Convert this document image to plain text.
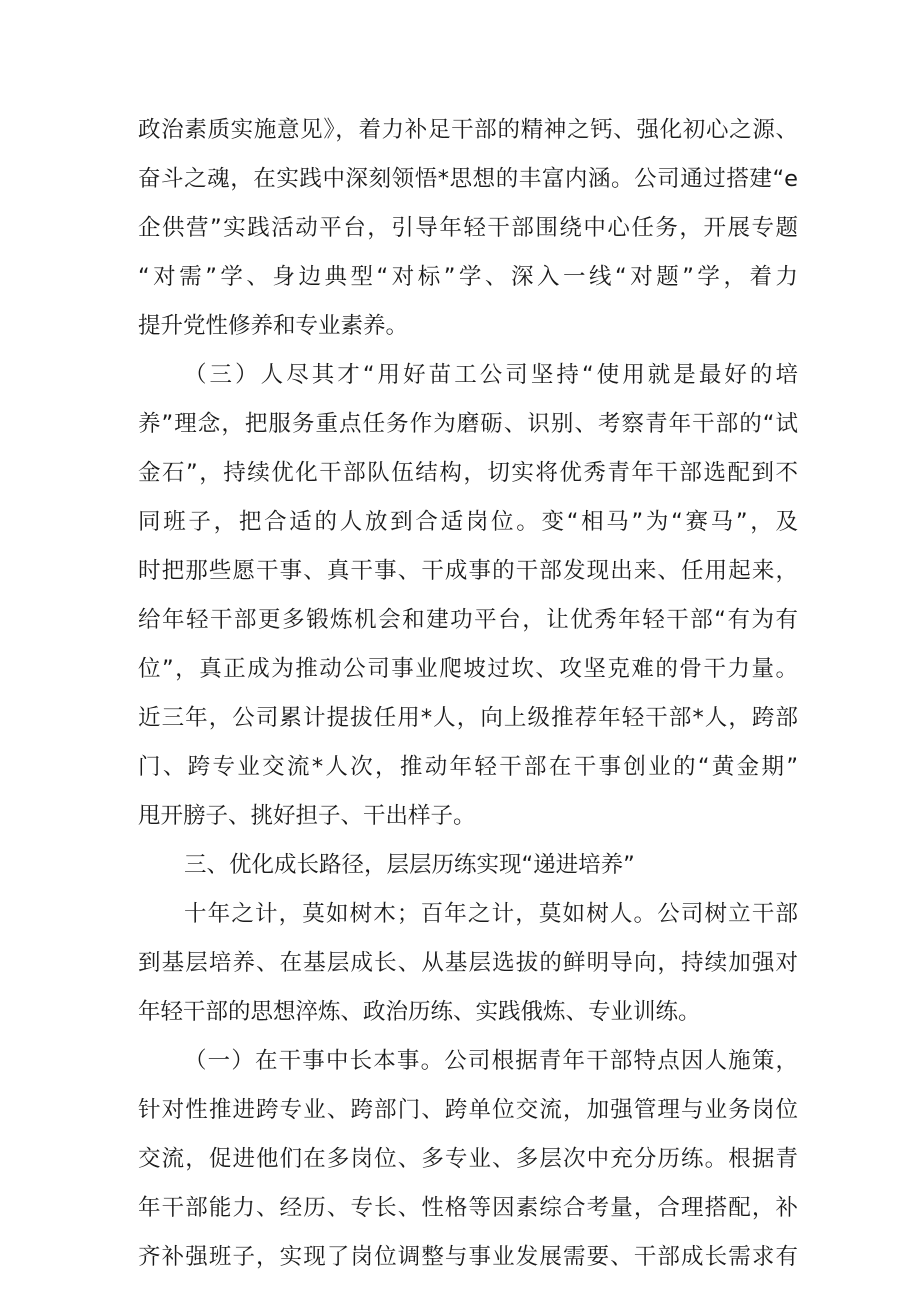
政治素质实施意见》，着力补足干部的精神之钙、强化初心之源、
奋斗之魂，在实践中深刻领悟*思想的丰富内涵。公司通过搭建“e
企供营”实践活动平台，引导年轻干部围绕中心任务，开展专题
“对需”学、身边典型“对标”学、深入一线“对题”学，着力
提升党性修养和专业素养。
（三）人尽其才“用好苗工公司坚持“使用就是最好的培
养”理念，把服务重点任务作为磨砺、识别、考察青年干部的“试
金石”，持续优化干部队伍结构，切实将优秀青年干部选配到不
同班子，把合适的人放到合适岗位。变“相马”为“赛马”，及
时把那些愿干事、真干事、干成事的干部发现出来、任用起来，
给年轻干部更多锻炼机会和建功平台，让优秀年轻干部“有为有
位”，真正成为推动公司事业爬坡过坎、攻坚克难的骨干力量。
近三年，公司累计提拔任用*人，向上级推荐年轻干部*人，跨部
门、跨专业交流*人次，推动年轻干部在干事创业的“黄金期”
甩开膀子、挑好担子、干出样子。
三、优化成长路径，层层历练实现“递进培养”
十年之计，莫如树木；百年之计，莫如树人。公司树立干部
到基层培养、在基层成长、从基层选拔的鲜明导向，持续加强对
年轻干部的思想淬炼、政治历练、实践俄炼、专业训练。
（一）在干事中长本事。公司根据青年干部特点因人施策，
针对性推进跨专业、跨部门、跨单位交流，加强管理与业务岗位
交流，促进他们在多岗位、多专业、多层次中充分历练。根据青
年干部能力、经历、专长、性格等因素综合考量，合理搭配，补
齐补强班子，实现了岗位调整与事业发展需要、干部成长需求有
